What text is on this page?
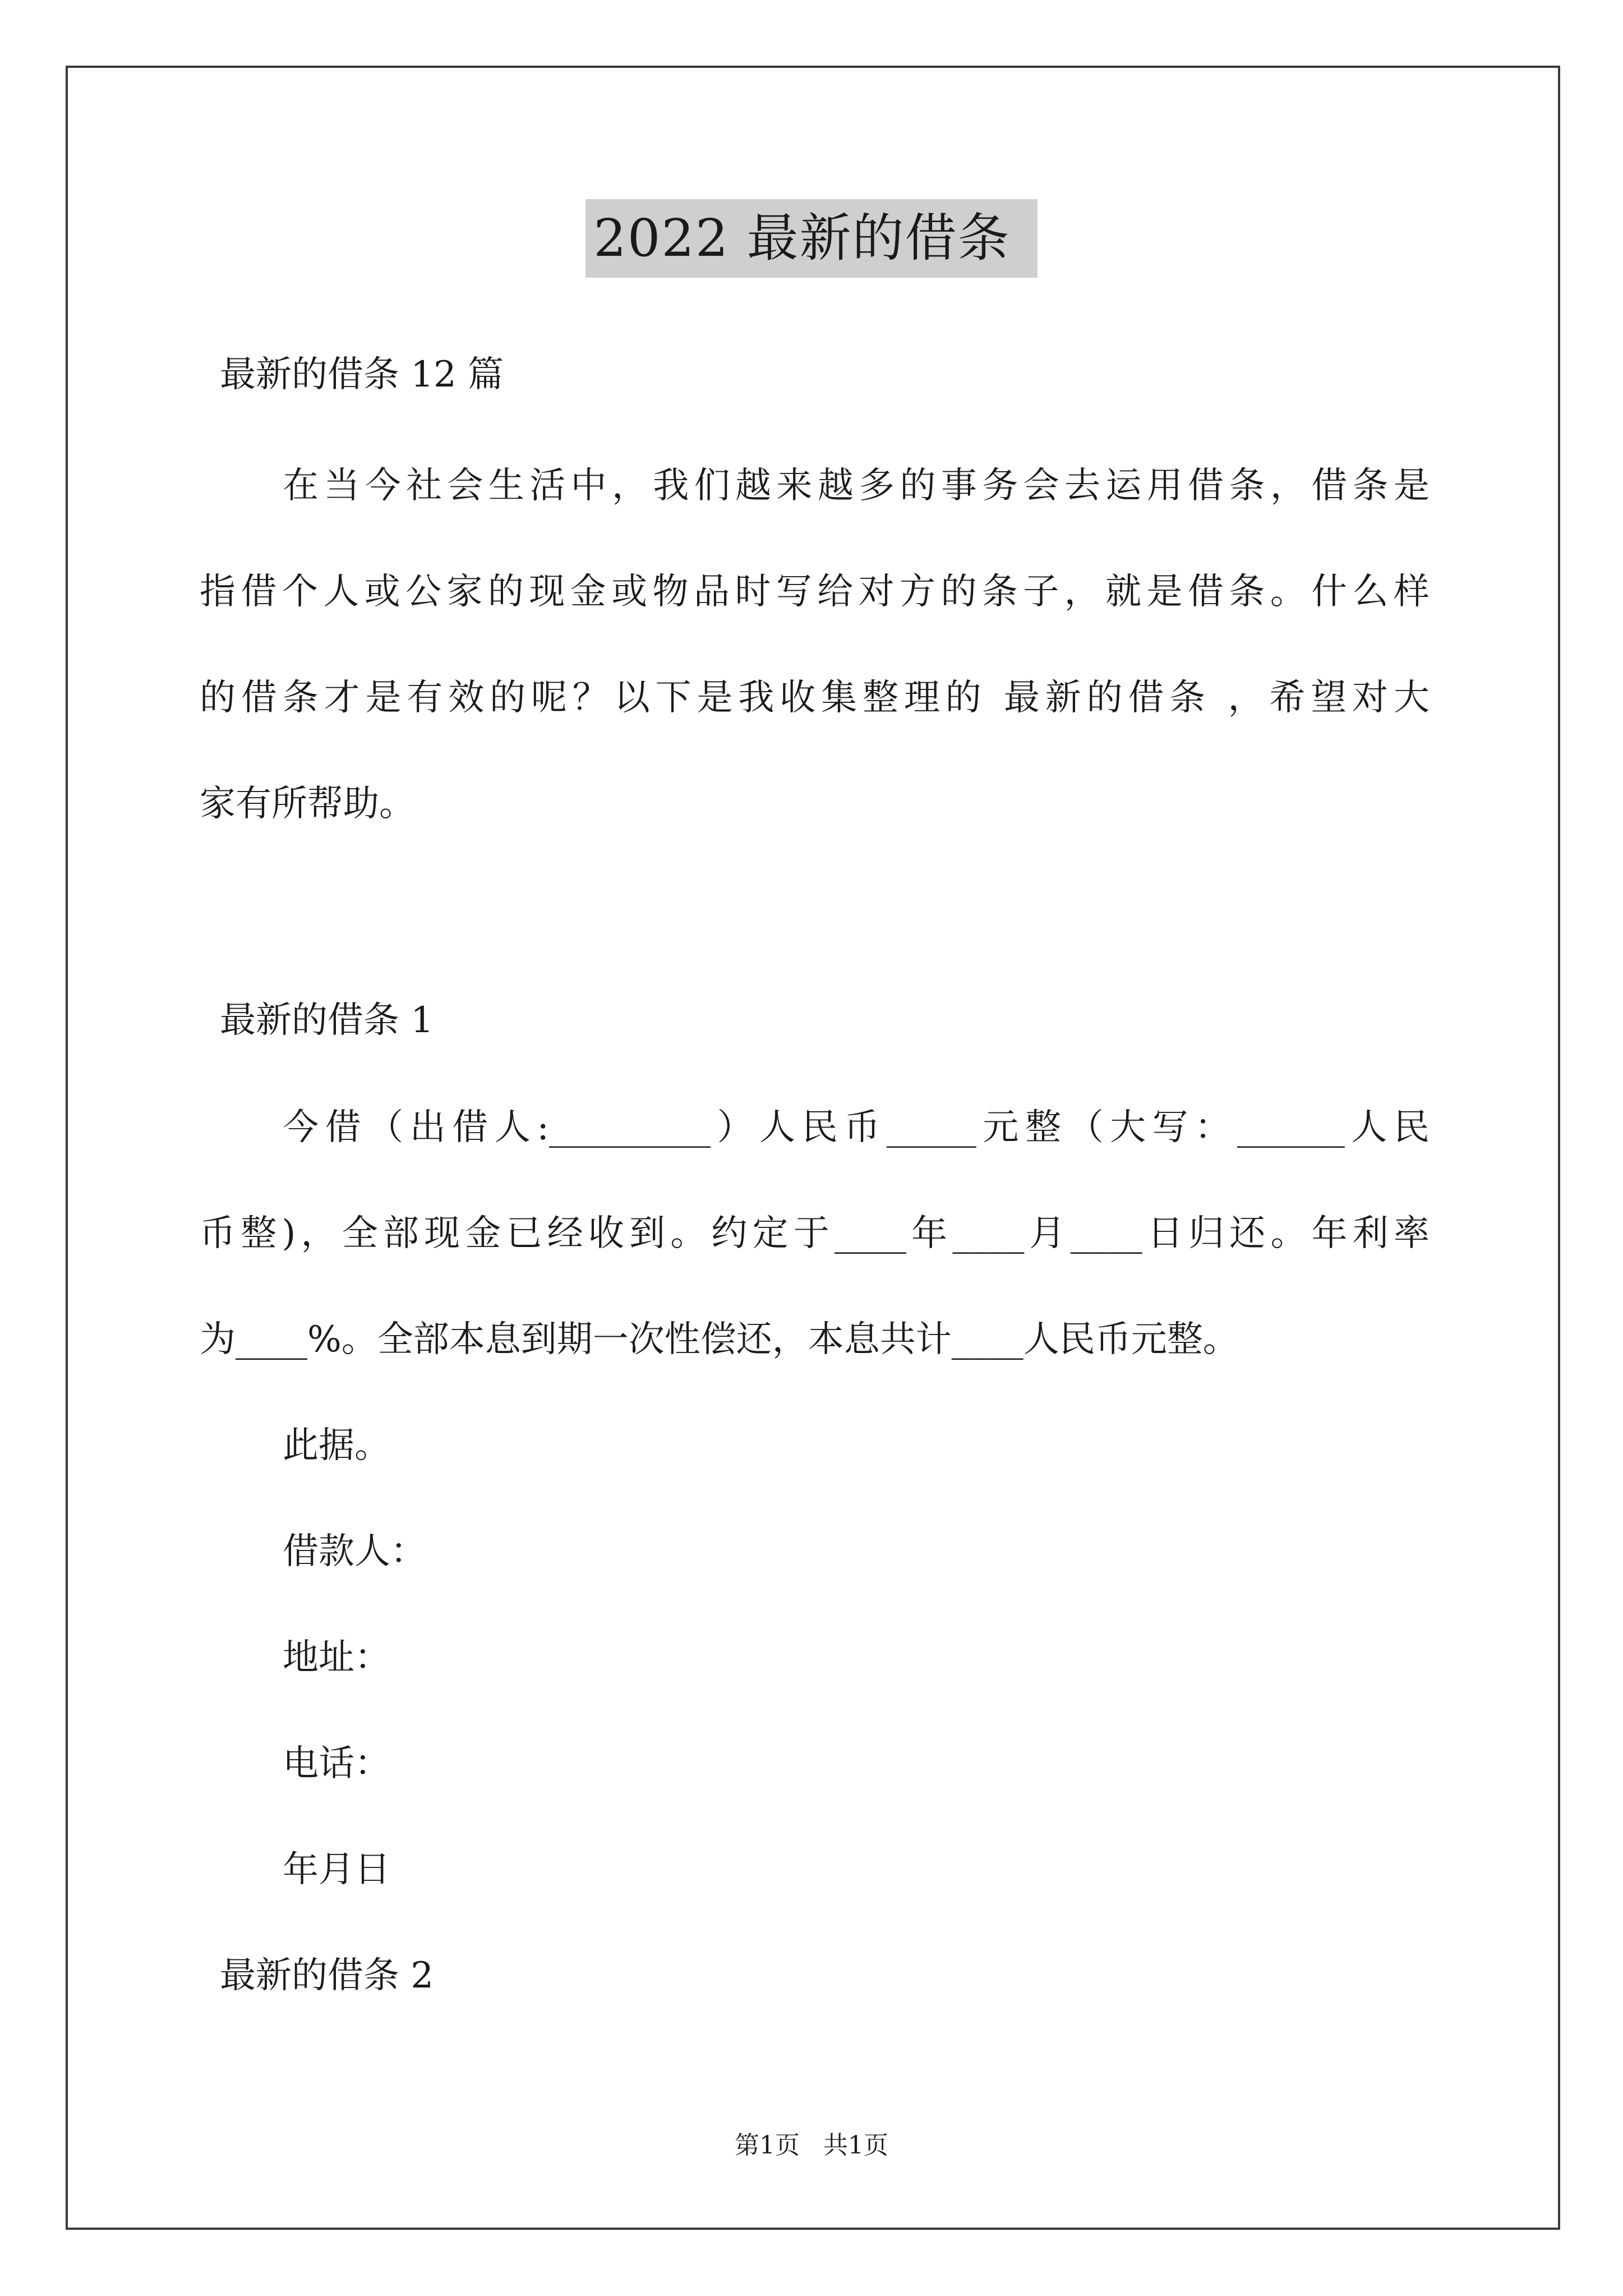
2022 最新的借条
最新的借条 12 篇
在当今社会生活中，我们越来越多的事务会去运用借条，借条是
指借个人或公家的现金或物品时写给对方的条子，就是借条。什么样
的借条才是有效的呢？以下是我收集整理的 最新的借条 ，希望对大
家有所帮助。
最新的借条 1
今借（出借人:_________）人民币_____元整（大写：______人民
币整)，全部现金已经收到。约定于____年____月____日归还。年利率
为____%。全部本息到期一次性偿还，本息共计____人民币元整。
此据。
借款人：
地址：
电话：
年月日
最新的借条 2
第1页   共1页
